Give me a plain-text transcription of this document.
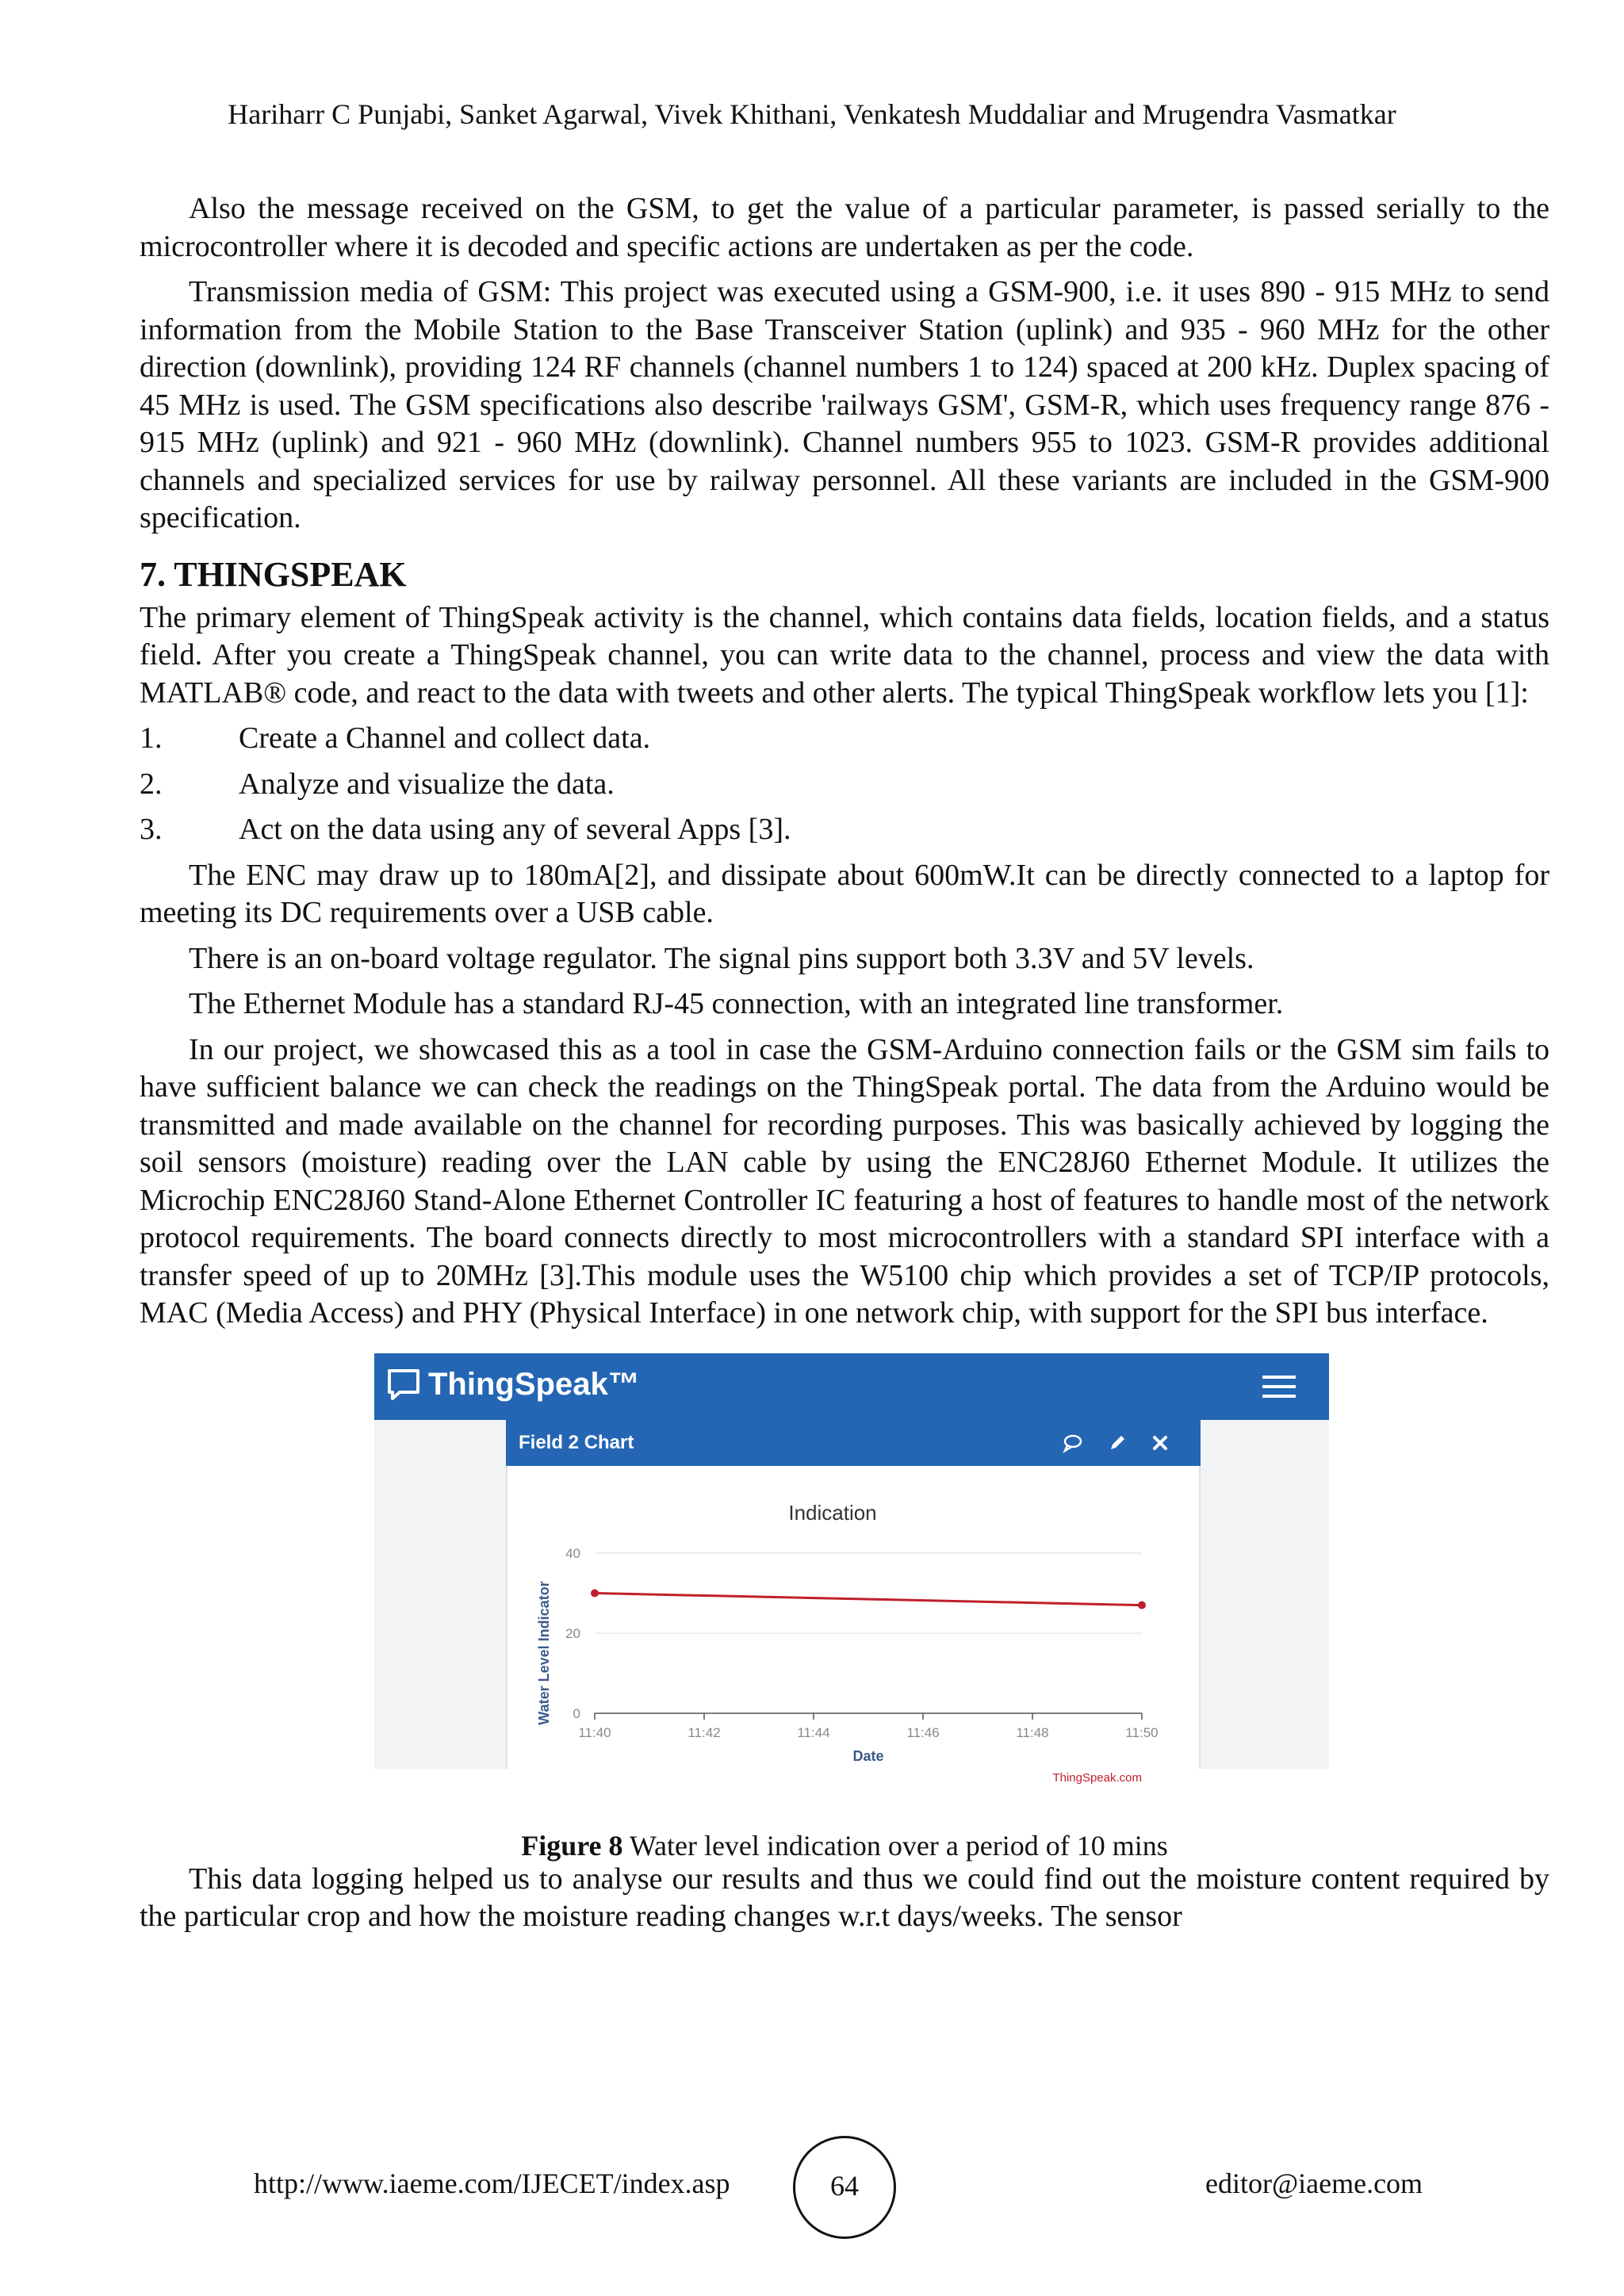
Hariharr C Punjabi, Sanket Agarwal, Vivek Khithani, Venkatesh Muddaliar and Mrugendra Vasmatkar

Also the message received on the GSM, to get the value of a particular parameter, is passed serially to the microcontroller where it is decoded and specific actions are undertaken as per the code.

Transmission media of GSM: This project was executed using a GSM-900, i.e. it uses 890 - 915 MHz to send information from the Mobile Station to the Base Transceiver Station (uplink) and 935 - 960 MHz for the other direction (downlink), providing 124 RF channels (channel numbers 1 to 124) spaced at 200 kHz. Duplex spacing of 45 MHz is used. The GSM specifications also describe 'railways GSM', GSM-R, which uses frequency range 876 - 915 MHz (uplink) and 921 - 960 MHz (downlink). Channel numbers 955 to 1023. GSM-R provides additional channels and specialized services for use by railway personnel. All these variants are included in the GSM-900 specification.

7. THINGSPEAK

The primary element of ThingSpeak activity is the channel, which contains data fields, location fields, and a status field. After you create a ThingSpeak channel, you can write data to the channel, process and view the data with MATLAB® code, and react to the data with tweets and other alerts. The typical ThingSpeak workflow lets you [1]:

1.	Create a Channel and collect data.
2.	Analyze and visualize the data.
3.	Act on the data using any of several Apps [3].

The ENC may draw up to 180mA[2], and dissipate about 600mW.It can be directly connected to a laptop for meeting its DC requirements over a USB cable.

There is an on-board voltage regulator. The signal pins support both 3.3V and 5V levels.

The Ethernet Module has a standard RJ-45 connection, with an integrated line transformer.

In our project, we showcased this as a tool in case the GSM-Arduino connection fails or the GSM sim fails to have sufficient balance we can check the readings on the ThingSpeak portal. The data from the Arduino would be transmitted and made available on the channel for recording purposes. This was basically achieved by logging the soil sensors (moisture) reading over the LAN cable by using the ENC28J60 Ethernet Module. It utilizes the Microchip ENC28J60 Stand-Alone Ethernet Controller IC featuring a host of features to handle most of the network protocol requirements. The board connects directly to most microcontrollers with a standard SPI interface with a transfer speed of up to 20MHz [3].This module uses the W5100 chip which provides a set of TCP/IP protocols, MAC (Media Access) and PHY (Physical Interface) in one network chip, with support for the SPI bus interface.

ThingSpeak™
Field 2 Chart
Indication
Water Level Indicator
Date
ThingSpeak.com
0
20
40
11:40	11:42	11:44	11:46	11:48	11:50
Figure 8 Water level indication over a period of 10 mins

This data logging helped us to analyse our results and thus we could find out the moisture content required by the particular crop and how the moisture reading changes w.r.t days/weeks. The sensor

http://www.iaeme.com/IJECET/index.asp	64	editor@iaeme.com
